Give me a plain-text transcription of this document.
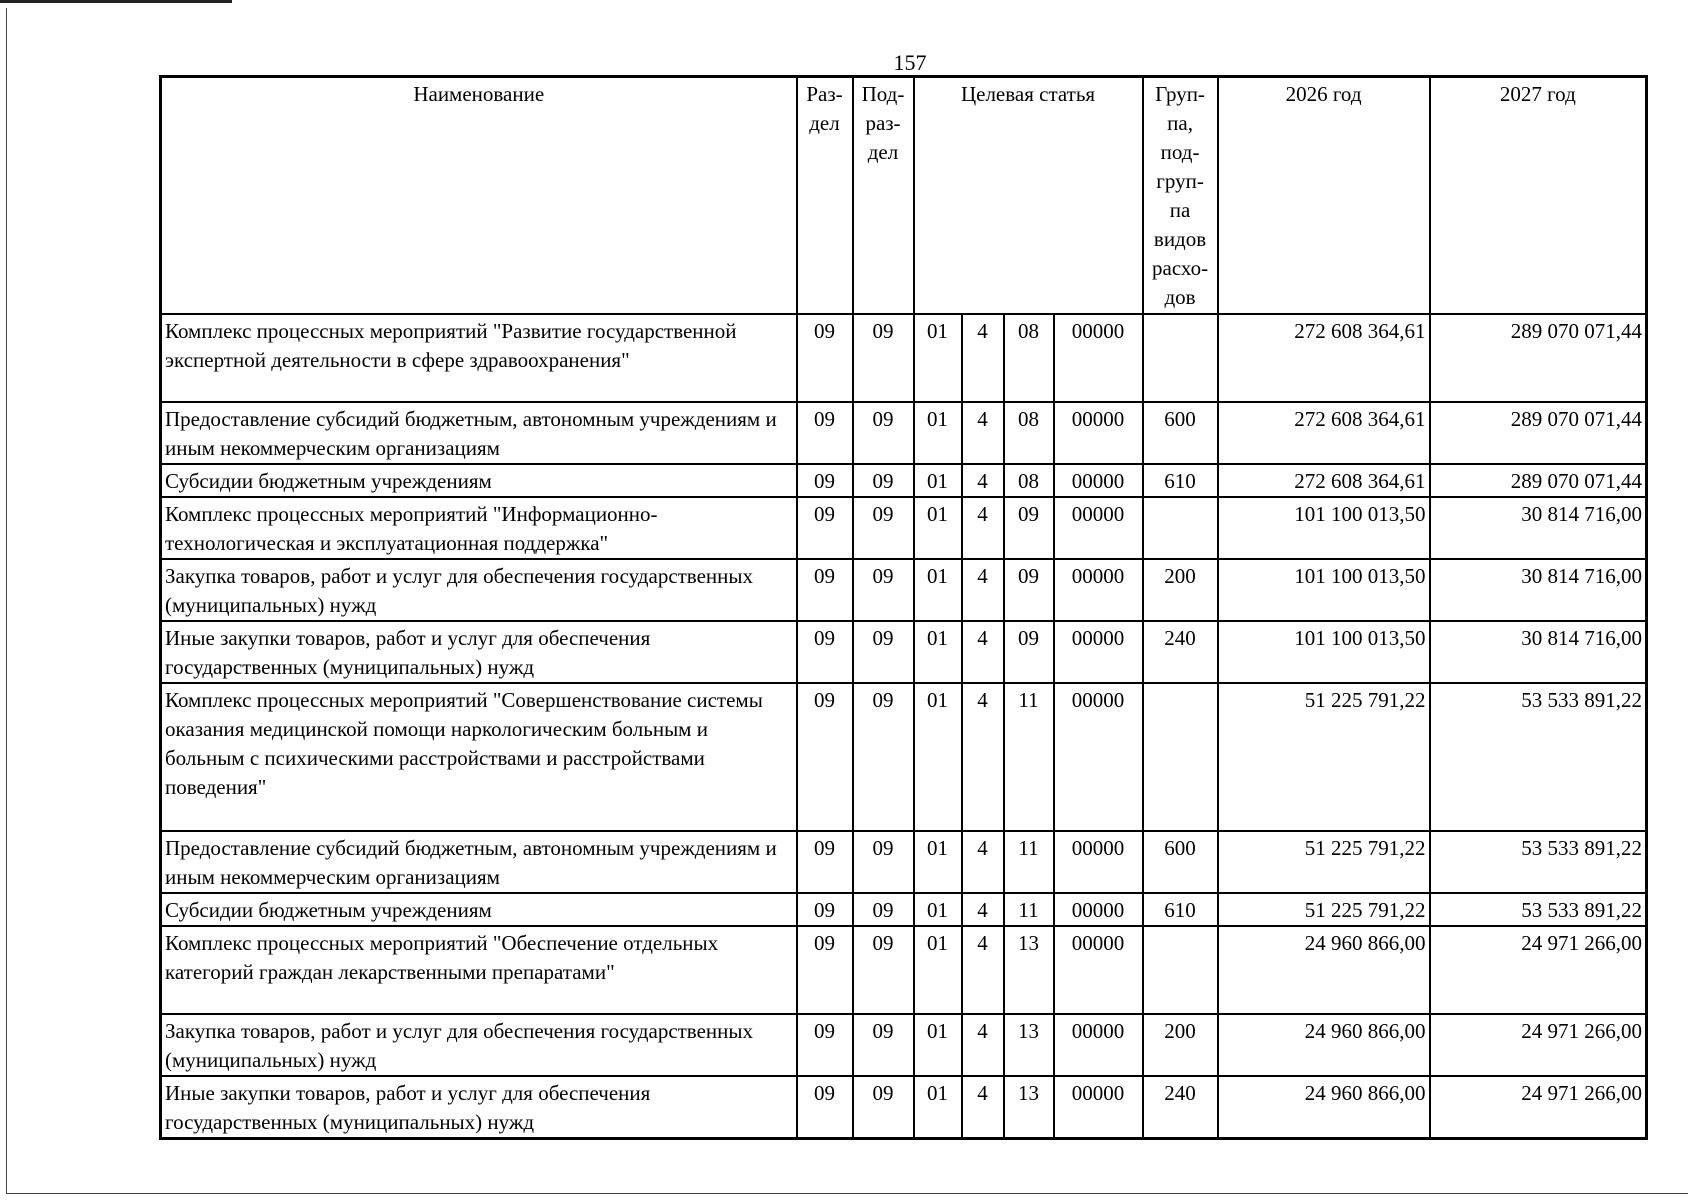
157
Наименование	Раз-дел	Под-раз-дел	Целевая статья				Груп-па, под-груп-па видов расхо-дов	2026 год	2027 год
Комплекс процессных мероприятий "Развитие государственной экспертной деятельности в сфере здравоохранения"	09	09	01	4	08	00000		272 608 364,61	289 070 071,44
Предоставление субсидий бюджетным, автономным учреждениям и иным некоммерческим организациям	09	09	01	4	08	00000	600	272 608 364,61	289 070 071,44
Субсидии бюджетным учреждениям	09	09	01	4	08	00000	610	272 608 364,61	289 070 071,44
Комплекс процессных мероприятий "Информационно-технологическая и эксплуатационная поддержка"	09	09	01	4	09	00000		101 100 013,50	30 814 716,00
Закупка товаров, работ и услуг для обеспечения государственных (муниципальных) нужд	09	09	01	4	09	00000	200	101 100 013,50	30 814 716,00
Иные закупки товаров, работ и услуг для обеспечения государственных (муниципальных) нужд	09	09	01	4	09	00000	240	101 100 013,50	30 814 716,00
Комплекс процессных мероприятий "Совершенствование системы оказания медицинской помощи наркологическим больным и больным с психическими расстройствами и расстройствами поведения"	09	09	01	4	11	00000		51 225 791,22	53 533 891,22
Предоставление субсидий бюджетным, автономным учреждениям и иным некоммерческим организациям	09	09	01	4	11	00000	600	51 225 791,22	53 533 891,22
Субсидии бюджетным учреждениям	09	09	01	4	11	00000	610	51 225 791,22	53 533 891,22
Комплекс процессных мероприятий "Обеспечение отдельных категорий граждан лекарственными препаратами"	09	09	01	4	13	00000		24 960 866,00	24 971 266,00
Закупка товаров, работ и услуг для обеспечения государственных (муниципальных) нужд	09	09	01	4	13	00000	200	24 960 866,00	24 971 266,00
Иные закупки товаров, работ и услуг для обеспечения государственных (муниципальных) нужд	09	09	01	4	13	00000	240	24 960 866,00	24 971 266,00
